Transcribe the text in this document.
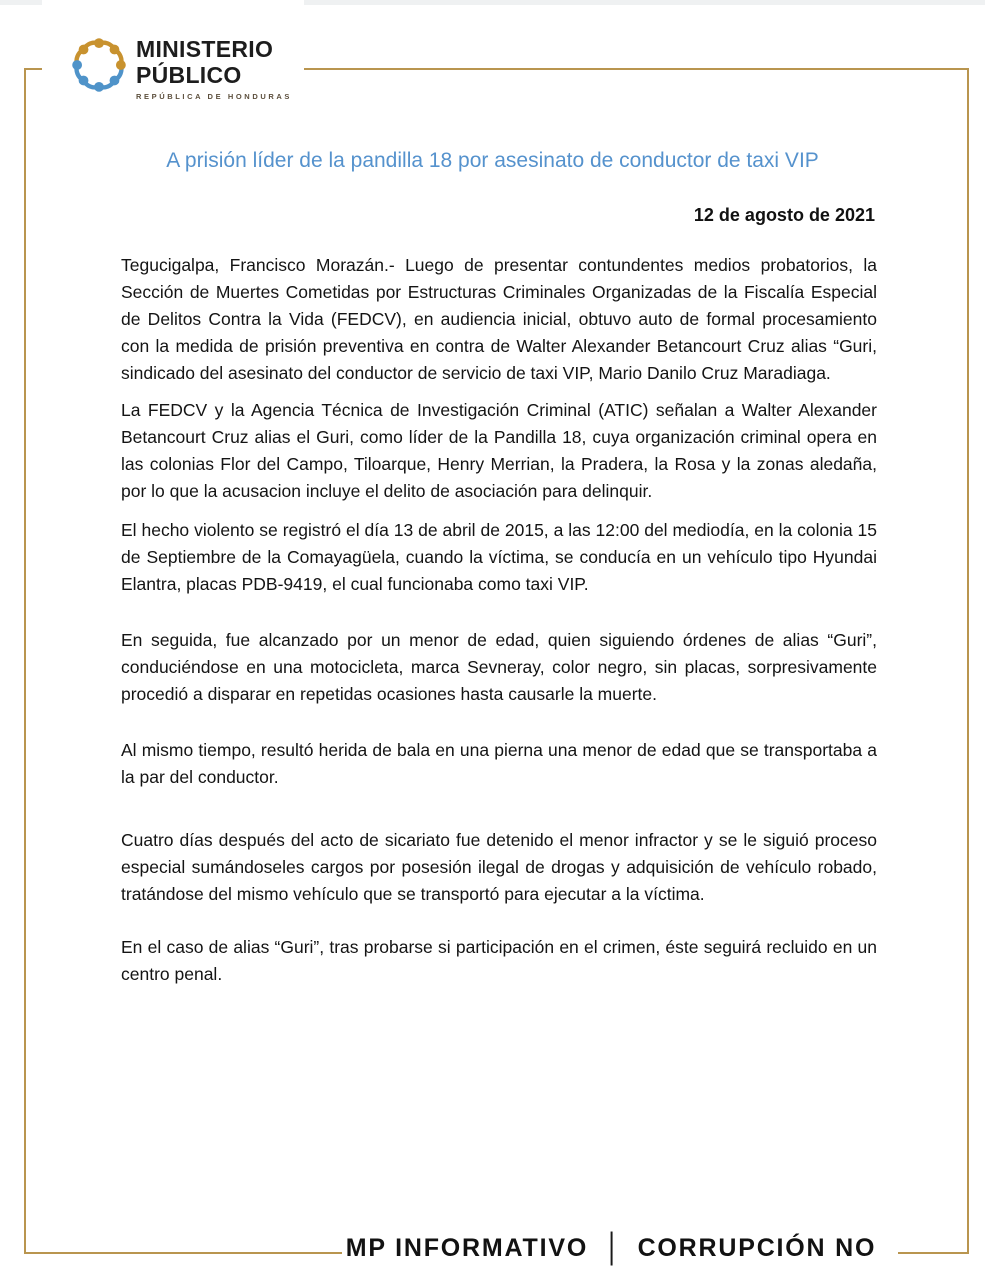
MINISTERIO
PÚBLICO
REPÚBLICA DE HONDURAS
A prisión líder de la pandilla 18 por asesinato de conductor de taxi VIP
12 de agosto de 2021

Tegucigalpa, Francisco Morazán.- Luego de presentar contundentes medios probatorios, la Sección de Muertes Cometidas por Estructuras Criminales Organizadas de la Fiscalía Especial de Delitos Contra la Vida (FEDCV), en audiencia inicial, obtuvo auto de formal procesamiento con la medida de prisión preventiva en contra de Walter Alexander Betancourt Cruz alias “Guri, sindicado del asesinato del conductor de servicio de taxi VIP, Mario Danilo Cruz Maradiaga.

La FEDCV y la Agencia Técnica de Investigación Criminal (ATIC) señalan a Walter Alexander Betancourt Cruz alias el Guri, como líder de la Pandilla 18, cuya organización criminal opera en las colonias Flor del Campo, Tiloarque, Henry Merrian, la Pradera, la Rosa y la zonas aledaña, por lo que la acusacion incluye el delito de asociación para delinquir.

El hecho violento se registró el día 13 de abril de 2015, a las 12:00 del mediodía, en la colonia 15 de Septiembre de la Comayagüela, cuando la víctima, se conducía en un vehículo tipo Hyundai Elantra, placas PDB-9419, el cual funcionaba como taxi VIP.

En seguida, fue alcanzado por un menor de edad, quien siguiendo órdenes de alias “Guri”, conduciéndose en una motocicleta, marca Sevneray, color negro, sin placas, sorpresivamente procedió a disparar en repetidas ocasiones hasta causarle la muerte.

Al mismo tiempo, resultó herida de bala en una pierna una menor de edad que se transportaba a la par del conductor.

Cuatro días después del acto de sicariato fue detenido el menor infractor y se le siguió proceso especial sumándoseles cargos por posesión ilegal de drogas y adquisición de vehículo robado, tratándose del mismo vehículo que se transportó para ejecutar a la víctima.

En el caso de alias “Guri”, tras probarse si participación en el crimen, éste seguirá recluido en un centro penal.

MP INFORMATIVO │ CORRUPCIÓN NO
